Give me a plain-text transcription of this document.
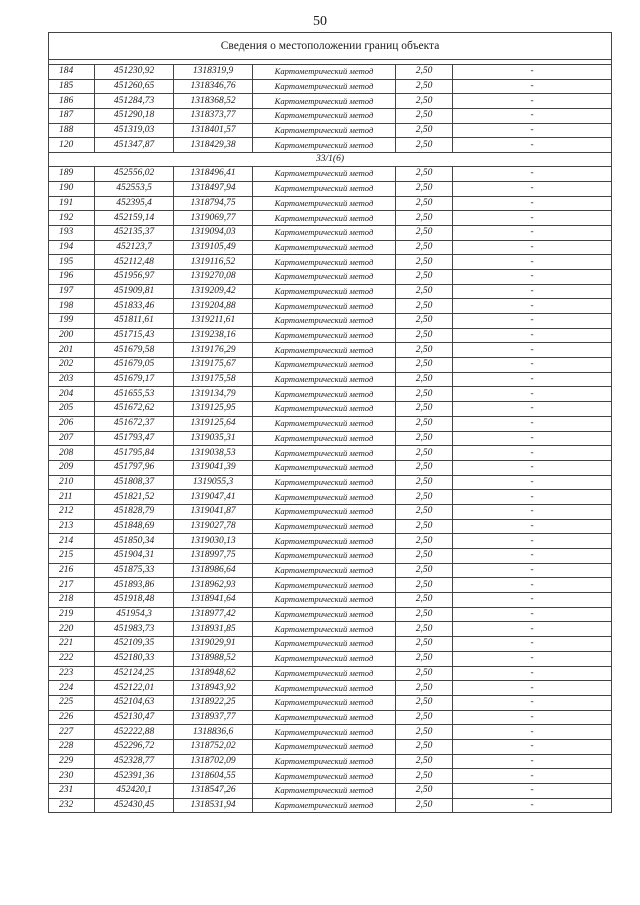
50
Сведения о местоположении границ объекта					

184	451230,92	1318319,9	Картометрический метод	2,50	-
185	451260,65	1318346,76	Картометрический метод	2,50	-
186	451284,73	1318368,52	Картометрический метод	2,50	-
187	451290,18	1318373,77	Картометрический метод	2,50	-
188	451319,03	1318401,57	Картометрический метод	2,50	-
120	451347,87	1318429,38	Картометрический метод	2,50	-
33/1(6)					
189	452556,02	1318496,41	Картометрический метод	2,50	-
190	452553,5	1318497,94	Картометрический метод	2,50	-
191	452395,4	1318794,75	Картометрический метод	2,50	-
192	452159,14	1319069,77	Картометрический метод	2,50	-
193	452135,37	1319094,03	Картометрический метод	2,50	-
194	452123,7	1319105,49	Картометрический метод	2,50	-
195	452112,48	1319116,52	Картометрический метод	2,50	-
196	451956,97	1319270,08	Картометрический метод	2,50	-
197	451909,81	1319209,42	Картометрический метод	2,50	-
198	451833,46	1319204,88	Картометрический метод	2,50	-
199	451811,61	1319211,61	Картометрический метод	2,50	-
200	451715,43	1319238,16	Картометрический метод	2,50	-
201	451679,58	1319176,29	Картометрический метод	2,50	-
202	451679,05	1319175,67	Картометрический метод	2,50	-
203	451679,17	1319175,58	Картометрический метод	2,50	-
204	451655,53	1319134,79	Картометрический метод	2,50	-
205	451672,62	1319125,95	Картометрический метод	2,50	-
206	451672,37	1319125,64	Картометрический метод	2,50	-
207	451793,47	1319035,31	Картометрический метод	2,50	-
208	451795,84	1319038,53	Картометрический метод	2,50	-
209	451797,96	1319041,39	Картометрический метод	2,50	-
210	451808,37	1319055,3	Картометрический метод	2,50	-
211	451821,52	1319047,41	Картометрический метод	2,50	-
212	451828,79	1319041,87	Картометрический метод	2,50	-
213	451848,69	1319027,78	Картометрический метод	2,50	-
214	451850,34	1319030,13	Картометрический метод	2,50	-
215	451904,31	1318997,75	Картометрический метод	2,50	-
216	451875,33	1318986,64	Картометрический метод	2,50	-
217	451893,86	1318962,93	Картометрический метод	2,50	-
218	451918,48	1318941,64	Картометрический метод	2,50	-
219	451954,3	1318977,42	Картометрический метод	2,50	-
220	451983,73	1318931,85	Картометрический метод	2,50	-
221	452109,35	1319029,91	Картометрический метод	2,50	-
222	452180,33	1318988,52	Картометрический метод	2,50	-
223	452124,25	1318948,62	Картометрический метод	2,50	-
224	452122,01	1318943,92	Картометрический метод	2,50	-
225	452104,63	1318922,25	Картометрический метод	2,50	-
226	452130,47	1318937,77	Картометрический метод	2,50	-
227	452222,88	1318836,6	Картометрический метод	2,50	-
228	452296,72	1318752,02	Картометрический метод	2,50	-
229	452328,77	1318702,09	Картометрический метод	2,50	-
230	452391,36	1318604,55	Картометрический метод	2,50	-
231	452420,1	1318547,26	Картометрический метод	2,50	-
232	452430,45	1318531,94	Картометрический метод	2,50	-
